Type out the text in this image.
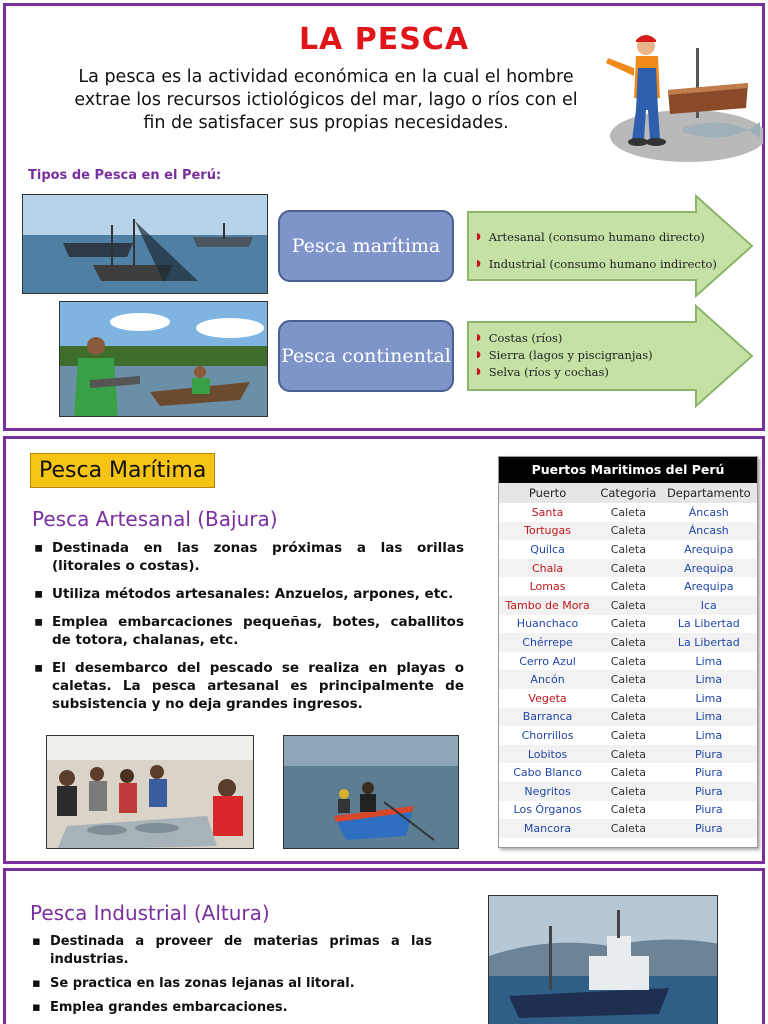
LA PESCA
La pesca es la actividad económica en la cual el hombre extrae los recursos ictiológicos del mar, lago o ríos con el fin de satisfacer sus propias necesidades.
Tipos de Pesca en el Perú:
Pesca marítima
Pesca continental
◗ Artesanal (consumo humano directo)
◗ Industrial (consumo humano indirecto)
◗ Costas (ríos)
◗ Sierra (lagos y piscigranjas)
◗ Selva (ríos y cochas)
Pesca Marítima
Pesca Artesanal (Bajura)
▪ Destinada en las zonas próximas a las orillas (litorales o costas).
▪ Utiliza métodos artesanales: Anzuelos, arpones, etc.
▪ Emplea embarcaciones pequeñas, botes, caballitos de totora, chalanas, etc.
▪ El desembarco del pescado se realiza en playas o caletas. La pesca artesanal es principalmente de subsistencia y no deja grandes ingresos.
Puertos Maritimos del Perú
Puerto	Categoria	Departamento
Santa	Caleta	Áncash
Tortugas	Caleta	Áncash
Quilca	Caleta	Arequipa
Chala	Caleta	Arequipa
Lomas	Caleta	Arequipa
Tambo de Mora	Caleta	Ica
Huanchaco	Caleta	La Libertad
Chérrepe	Caleta	La Libertad
Cerro Azul	Caleta	Lima
Ancón	Caleta	Lima
Vegeta	Caleta	Lima
Barranca	Caleta	Lima
Chorrillos	Caleta	Lima
Lobitos	Caleta	Piura
Cabo Blanco	Caleta	Piura
Negritos	Caleta	Piura
Los Órganos	Caleta	Piura
Mancora	Caleta	Piura
Pesca Industrial (Altura)
▪ Destinada a proveer de materias primas a las industrias.
▪ Se practica en las zonas lejanas al litoral.
▪ Emplea grandes embarcaciones.
